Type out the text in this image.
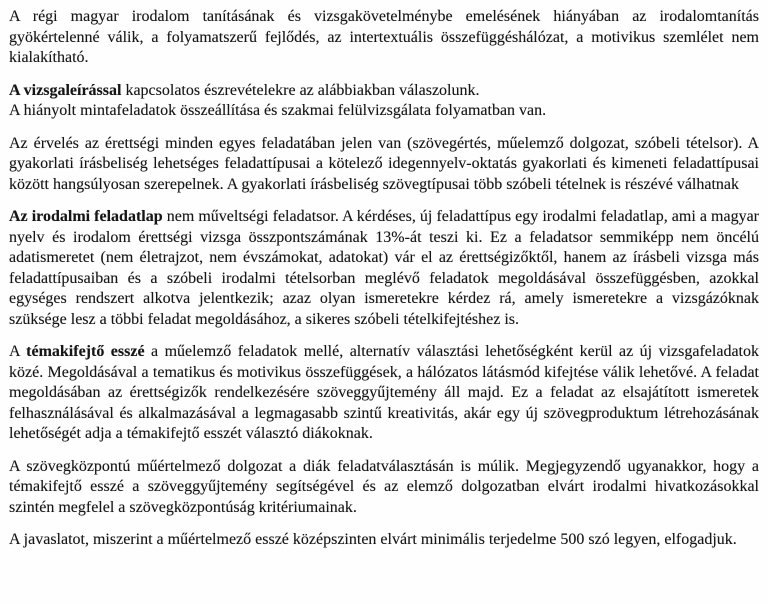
A régi magyar irodalom tanításának és vizsgakövetelménybe emelésének hiányában az irodalomtanítás gyökértelenné válik, a folyamatszerű fejlődés, az intertextuális összefüggéshálózat, a motivikus szemlélet nem kialakítható.

A vizsgaleírással kapcsolatos észrevételekre az alábbiakban válaszolunk.

A hiányolt mintafeladatok összeállítása és szakmai felülvizsgálata folyamatban van.

Az érvelés az érettségi minden egyes feladatában jelen van (szövegértés, műelemző dolgozat, szóbeli tételsor). A gyakorlati írásbeliség lehetséges feladattípusai a kötelező idegennyelv-oktatás gyakorlati és kimeneti feladattípusai között hangsúlyosan szerepelnek. A gyakorlati írásbeliség szövegtípusai több szóbeli tételnek is részévé válhatnak

Az irodalmi feladatlap nem műveltségi feladatsor. A kérdéses, új feladattípus egy irodalmi feladatlap, ami a magyar nyelv és irodalom érettségi vizsga összpontszámának 13%-át teszi ki. Ez a feladatsor semmiképp nem öncélú adatismeretet (nem életrajzot, nem évszámokat, adatokat) vár el az érettségizőktől, hanem az írásbeli vizsga más feladattípusaiban és a szóbeli irodalmi tételsorban meglévő feladatok megoldásával összefüggésben, azokkal egységes rendszert alkotva jelentkezik; azaz olyan ismeretekre kérdez rá, amely ismeretekre a vizsgázóknak szüksége lesz a többi feladat megoldásához, a sikeres szóbeli tételkifejtéshez is.

A témakifejtő esszé a műelemző feladatok mellé, alternatív választási lehetőségként kerül az új vizsgafeladatok közé. Megoldásával a tematikus és motivikus összefüggések, a hálózatos látásmód kifejtése válik lehetővé. A feladat megoldásában az érettségizők rendelkezésére szöveggyűjtemény áll majd. Ez a feladat az elsajátított ismeretek felhasználásával és alkalmazásával a legmagasabb szintű kreativitás, akár egy új szövegproduktum létrehozásának lehetőségét adja a témakifejtő esszét választó diákoknak.

A szövegközpontú műértelmező dolgozat a diák feladatválasztásán is múlik. Megjegyzendő ugyanakkor, hogy a témakifejtő esszé a szöveggyűjtemény segítségével és az elemző dolgozatban elvárt irodalmi hivatkozásokkal szintén megfelel a szövegközpontúság kritériumainak.

A javaslatot, miszerint a műértelmező esszé középszinten elvárt minimális terjedelme 500 szó legyen, elfogadjuk.
